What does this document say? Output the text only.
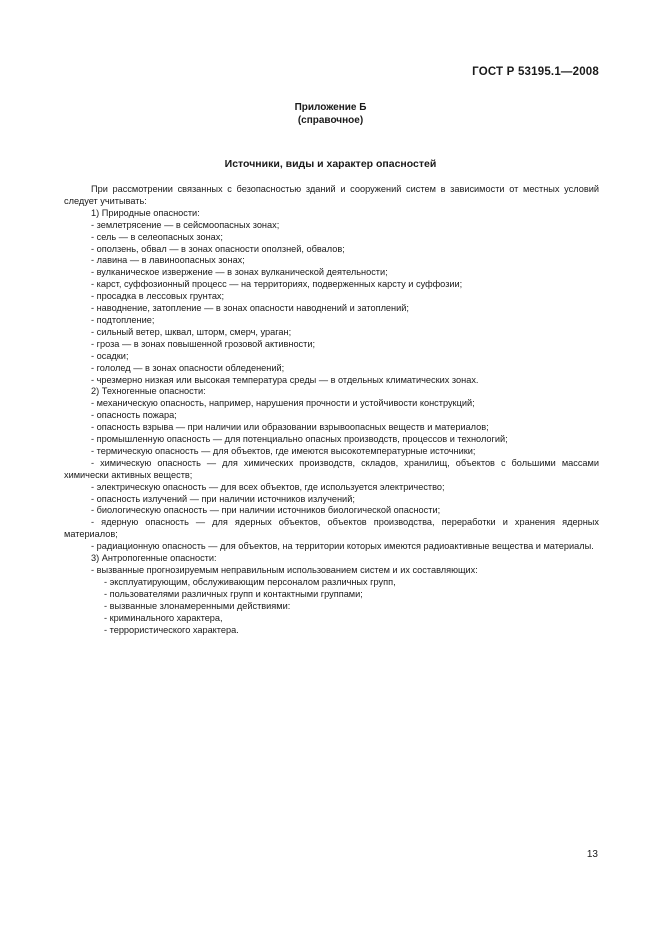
ГОСТ Р 53195.1—2008
Приложение Б
(справочное)
Источники, виды и характер опасностей

При рассмотрении связанных с безопасностью зданий и сооружений систем в зависимости от местных условий следует учитывать:

1) Природные опасности:

- землетрясение — в сейсмоопасных зонах;

- сель — в селеопасных зонах;

- оползень, обвал — в зонах опасности оползней, обвалов;

- лавина — в лавиноопасных зонах;

- вулканическое извержение — в зонах вулканической деятельности;

- карст, суффозионный процесс — на территориях, подверженных карсту и суффозии;

- просадка в лессовых грунтах;

- наводнение, затопление — в зонах опасности наводнений и затоплений;

- подтопление;

- сильный ветер, шквал, шторм, смерч, ураган;

- гроза — в зонах повышенной грозовой активности;

- осадки;

- гололед — в зонах опасности обледенений;

- чрезмерно низкая или высокая температура среды — в отдельных климатических зонах.

2) Техногенные опасности:

- механическую опасность, например, нарушения прочности и устойчивости конструкций;

- опасность пожара;

- опасность взрыва — при наличии или образовании взрывоопасных веществ и материалов;

- промышленную опасность — для потенциально опасных производств, процессов и технологий;

- термическую опасность — для объектов, где имеются высокотемпературные источники;

- химическую опасность — для химических производств, складов, хранилищ, объектов с большими массами химически активных веществ;

- электрическую опасность — для всех объектов, где используется электричество;

- опасность излучений — при наличии источников излучений;

- биологическую опасность — при наличии источников биологической опасности;

- ядерную опасность — для ядерных объектов, объектов производства, переработки и хранения ядерных материалов;

- радиационную опасность — для объектов, на территории которых имеются радиоактивные вещества и материалы.

3) Антропогенные опасности:

- вызванные прогнозируемым неправильным использованием систем и их составляющих:

- эксплуатирующим, обслуживающим персоналом различных групп,

- пользователями различных групп и контактными группами;

- вызванные злонамеренными действиями:

- криминального характера,

- террористического характера.

13
